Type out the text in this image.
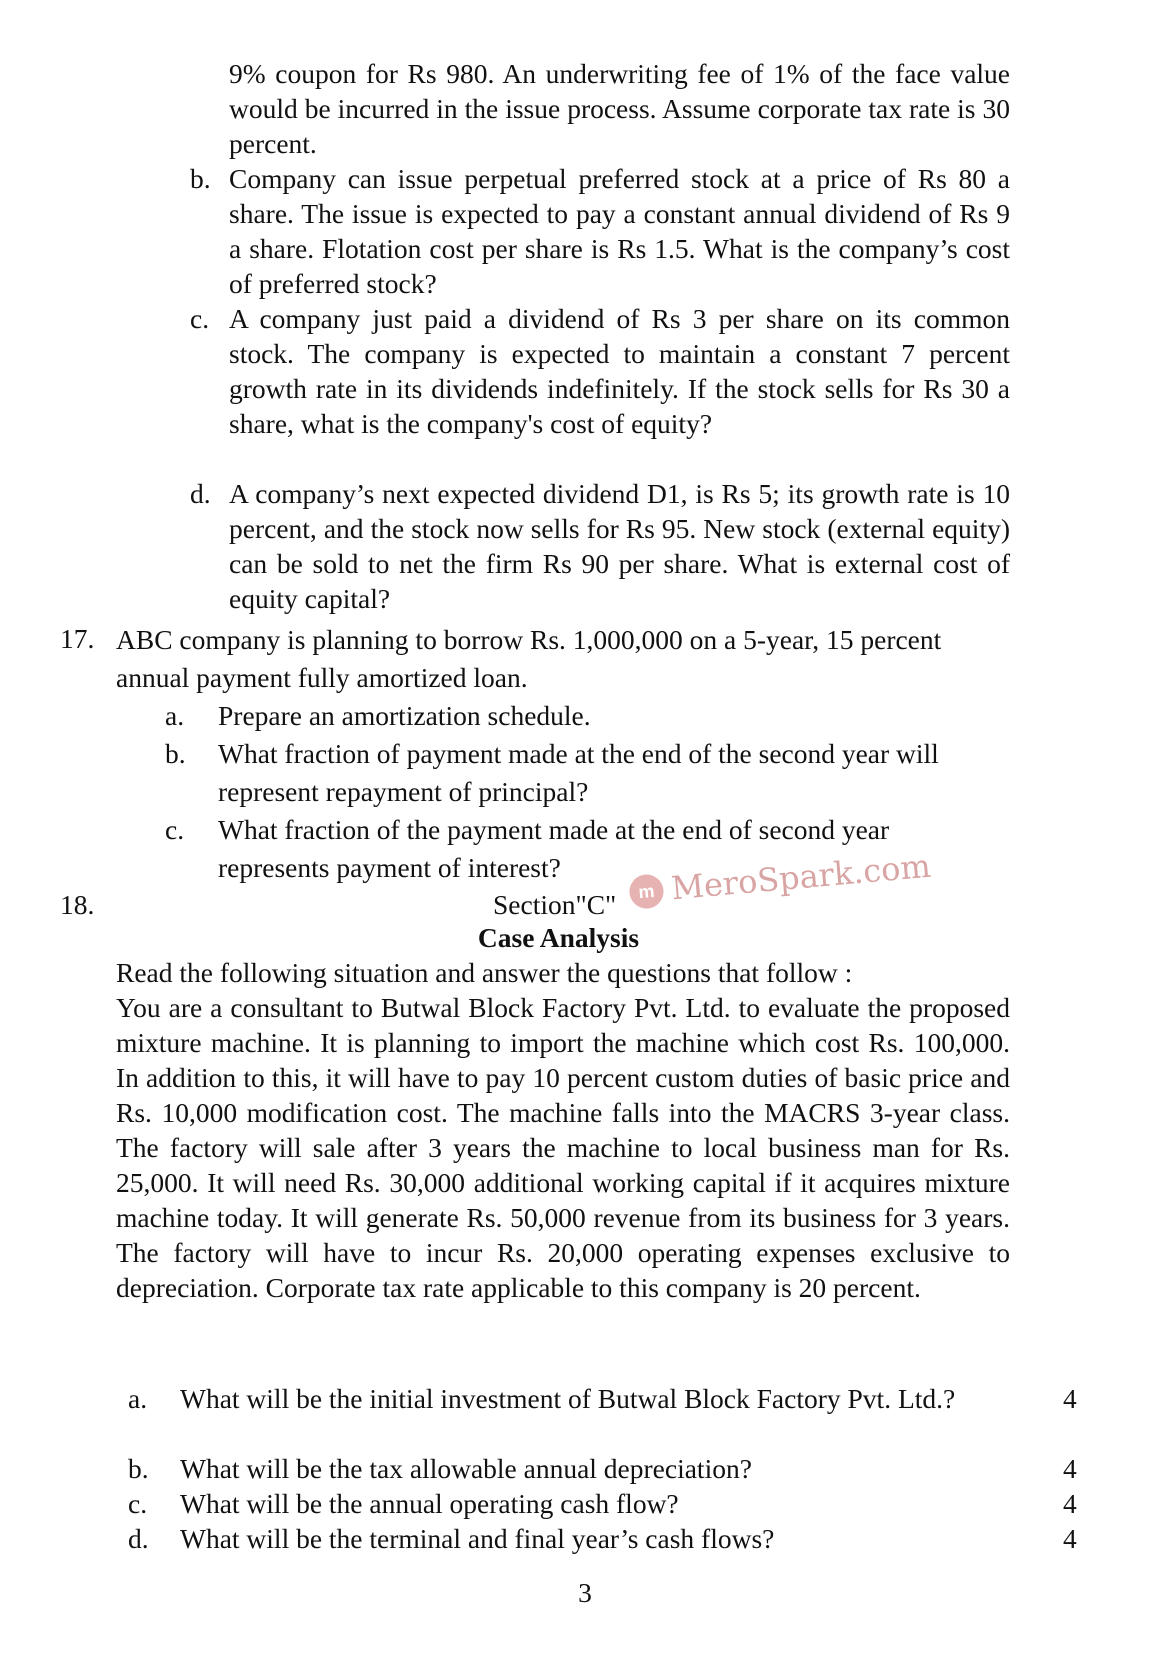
9% coupon for Rs 980. An underwriting fee of 1% of the face value would be incurred in the issue process. Assume corporate tax rate is 30 percent.
b. Company can issue perpetual preferred stock at a price of Rs 80 a share. The issue is expected to pay a constant annual dividend of Rs 9 a share. Flotation cost per share is Rs 1.5. What is the company’s cost of preferred stock?
c. A company just paid a dividend of Rs 3 per share on its common stock. The company is expected to maintain a constant 7 percent growth rate in its dividends indefinitely. If the stock sells for Rs 30 a share, what is the company's cost of equity?
d. A company’s next expected dividend D1, is Rs 5; its growth rate is 10 percent, and the stock now sells for Rs 95. New stock (external equity) can be sold to net the firm Rs 90 per share. What is external cost of equity capital?
17. ABC company is planning to borrow Rs. 1,000,000 on a 5-year, 15 percent annual payment fully amortized loan.
a. Prepare an amortization schedule.
b. What fraction of payment made at the end of the second year will represent repayment of principal?
c. What fraction of the payment made at the end of second year represents payment of interest?
18.	Section"C"
Case Analysis
Read the following situation and answer the questions that follow :
You are a consultant to Butwal Block Factory Pvt. Ltd. to evaluate the proposed mixture machine. It is planning to import the machine which cost Rs. 100,000. In addition to this, it will have to pay 10 percent custom duties of basic price and Rs. 10,000 modification cost. The machine falls into the MACRS 3-year class. The factory will sale after 3 years the machine to local business man for Rs. 25,000. It will need Rs. 30,000 additional working capital if it acquires mixture machine today. It will generate Rs. 50,000 revenue from its business for 3 years. The factory will have to incur Rs. 20,000 operating expenses exclusive to depreciation. Corporate tax rate applicable to this company is 20 percent.
a. What will be the initial investment of Butwal Block Factory Pvt. Ltd.?	4
b. What will be the tax allowable annual depreciation?	4
c. What will be the annual operating cash flow?	4
d. What will be the terminal and final year’s cash flows?	4
m MeroSpark.com
3
